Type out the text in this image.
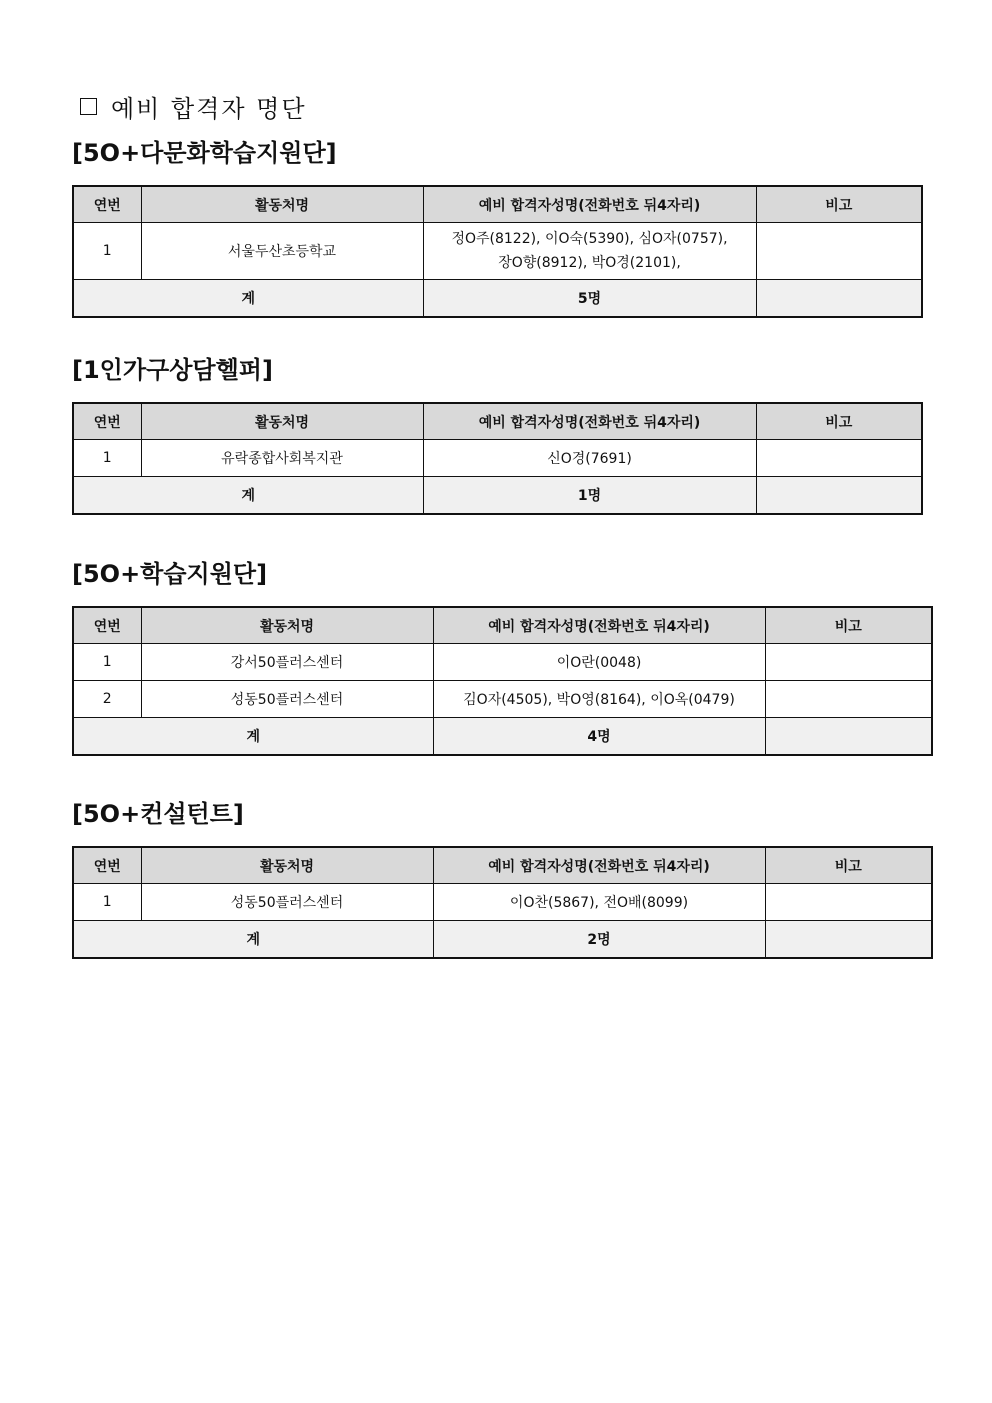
예비 합격자 명단
[5O+다문화학습지원단]
연번	활동처명	예비 합격자성명(전화번호 뒤4자리)	비고
1	서울두산초등학교	정O주(8122), 이O숙(5390), 심O자(0757),
장O향(8912), 박O경(2101),	

계		5명	
[1인가구상담헬퍼]
연번	활동처명	예비 합격자성명(전화번호 뒤4자리)	비고
1	유락종합사회복지관	신O경(7691)	
계		1명	
[5O+학습지원단]
연번	활동처명	예비 합격자성명(전화번호 뒤4자리)	비고
1	강서50플러스센터	이O란(0048)	
2	성동50플러스센터	김O자(4505), 박O영(8164), 이O옥(0479)	
계		4명	
[5O+컨설턴트]
연번	활동처명	예비 합격자성명(전화번호 뒤4자리)	비고
1	성동50플러스센터	이O찬(5867), 전O배(8099)	
계		2명	
